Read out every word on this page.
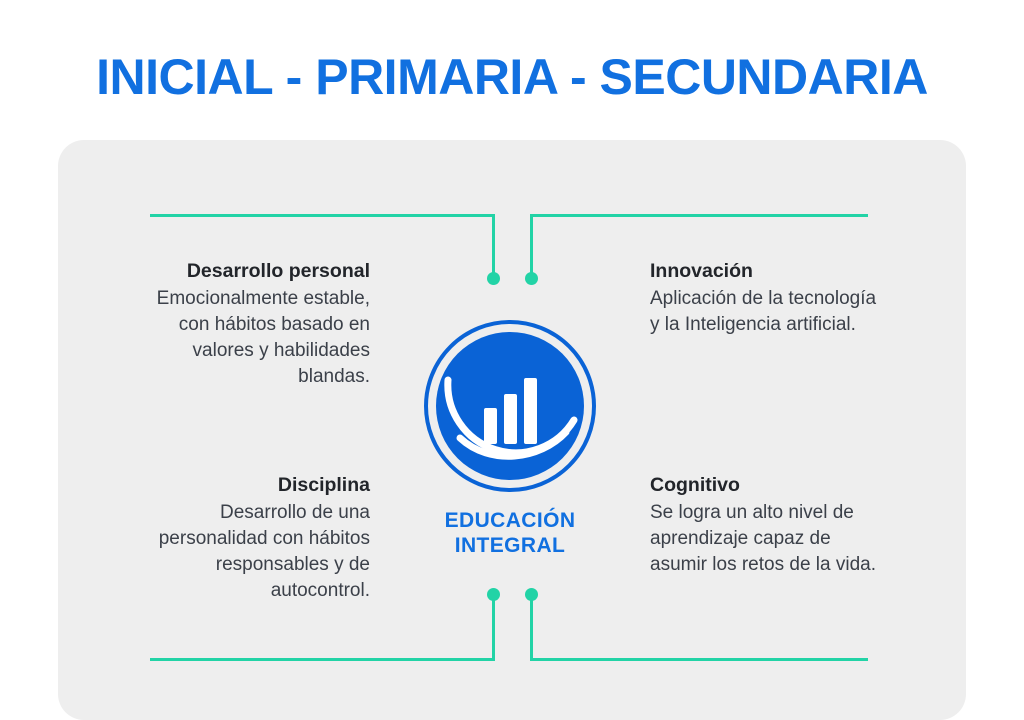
INICIAL - PRIMARIA - SECUNDARIA
EDUCACIÓN
INTEGRAL

Desarrollo personal

Emocionalmente estable, con hábitos basado en valores y habilidades blandas.

Disciplina

Desarrollo de una personalidad con hábitos responsables y de autocontrol.

Innovación

Aplicación de la tecnología y la Inteligencia artificial.

Cognitivo

Se logra un alto nivel de aprendizaje capaz de asumir los retos de la vida.
